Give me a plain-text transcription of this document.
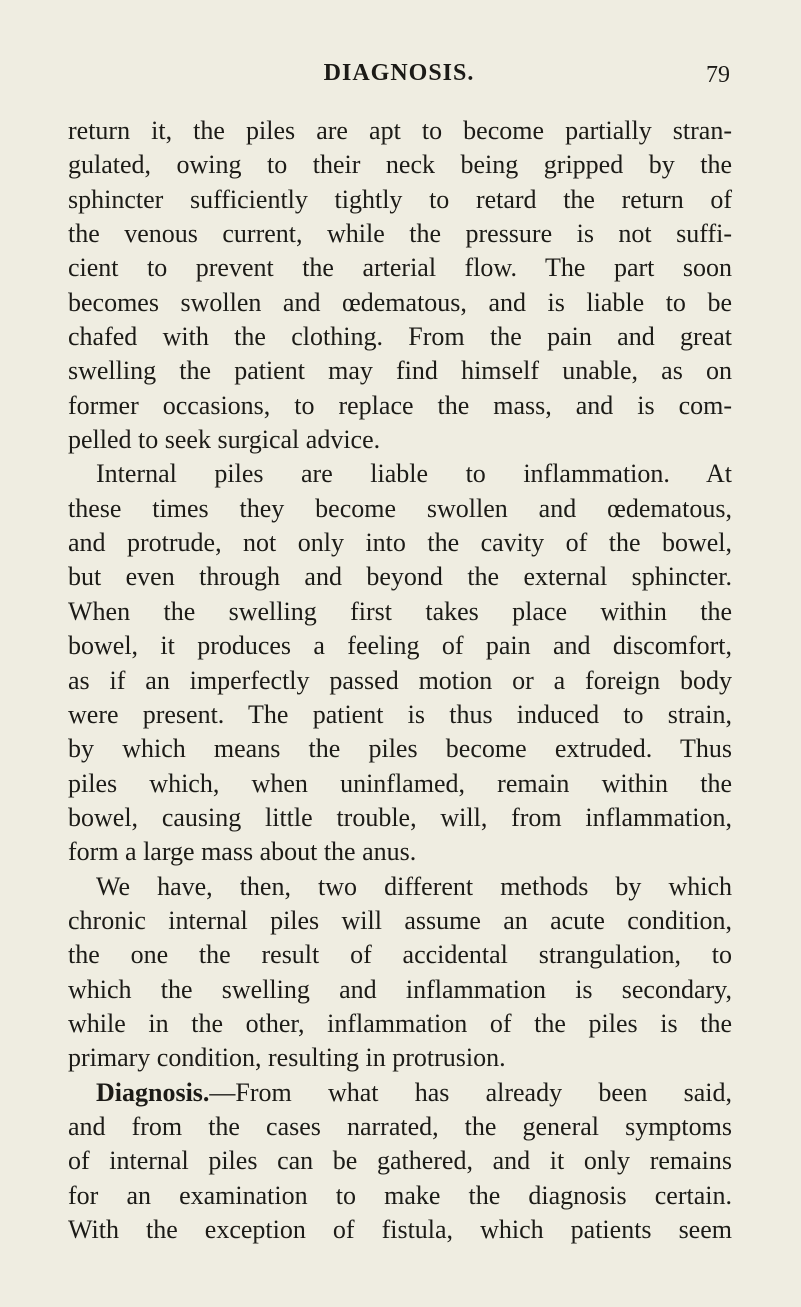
DIAGNOSIS.	79
return it, the piles are apt to become partially stran-
gulated, owing to their neck being gripped by the
sphincter sufficiently tightly to retard the return of
the venous current, while the pressure is not suffi-
cient to prevent the arterial flow. The part soon
becomes swollen and œdematous, and is liable to be
chafed with the clothing. From the pain and great
swelling the patient may find himself unable, as on
former occasions, to replace the mass, and is com-
pelled to seek surgical advice.
Internal piles are liable to inflammation. At
these times they become swollen and œdematous,
and protrude, not only into the cavity of the bowel,
but even through and beyond the external sphincter.
When the swelling first takes place within the
bowel, it produces a feeling of pain and discomfort,
as if an imperfectly passed motion or a foreign body
were present. The patient is thus induced to strain,
by which means the piles become extruded. Thus
piles which, when uninflamed, remain within the
bowel, causing little trouble, will, from inflammation,
form a large mass about the anus.
We have, then, two different methods by which
chronic internal piles will assume an acute condition,
the one the result of accidental strangulation, to
which the swelling and inflammation is secondary,
while in the other, inflammation of the piles is the
primary condition, resulting in protrusion.
Diagnosis.—From what has already been said,
and from the cases narrated, the general symptoms
of internal piles can be gathered, and it only remains
for an examination to make the diagnosis certain.
With the exception of fistula, which patients seem
